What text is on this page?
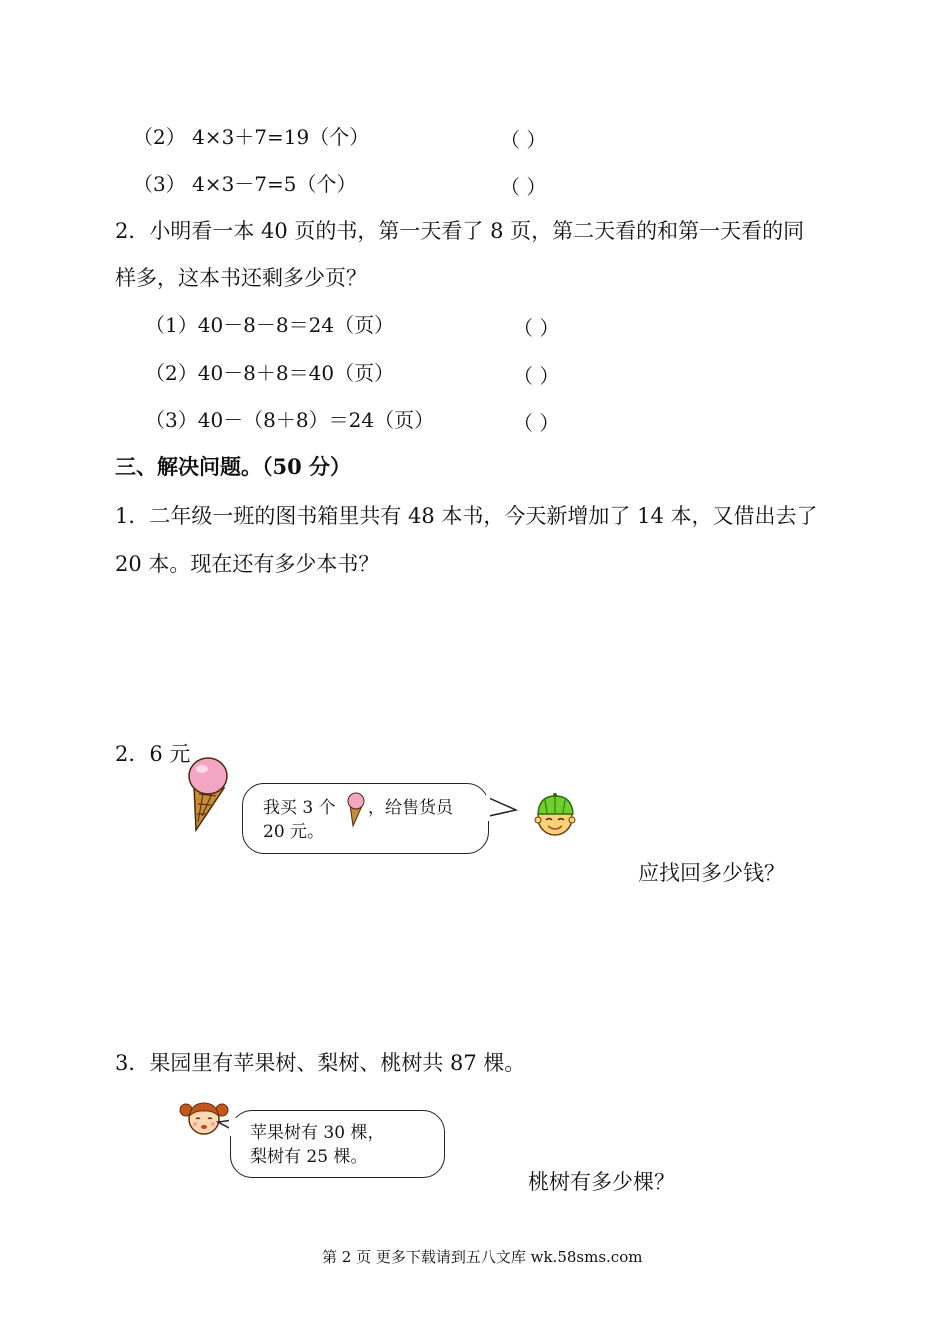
（2） 4×3＋7=19（个）	（ ）
（3） 4×3－7=5（个）	（ ）
2．小明看一本 40 页的书，第一天看了 8 页，第二天看的和第一天看的同
样多，这本书还剩多少页？
（1）40－8－8＝24（页）	（ ）
（2）40－8＋8＝40（页）	（ ）
（3）40－（8＋8）＝24（页）	（ ）
三、解决问题。（50 分）
1．二年级一班的图书箱里共有 48 本书，今天新增加了 14 本，又借出去了
20 本。现在还有多少本书？
2．6 元
我买 3 个 ，给售货员
20 元。
应找回多少钱？
3．果园里有苹果树、梨树、桃树共 87 棵。
苹果树有 30 棵，
梨树有 25 棵。
桃树有多少棵？
第 2 页 更多下载请到五八文库 wk.58sms.com
